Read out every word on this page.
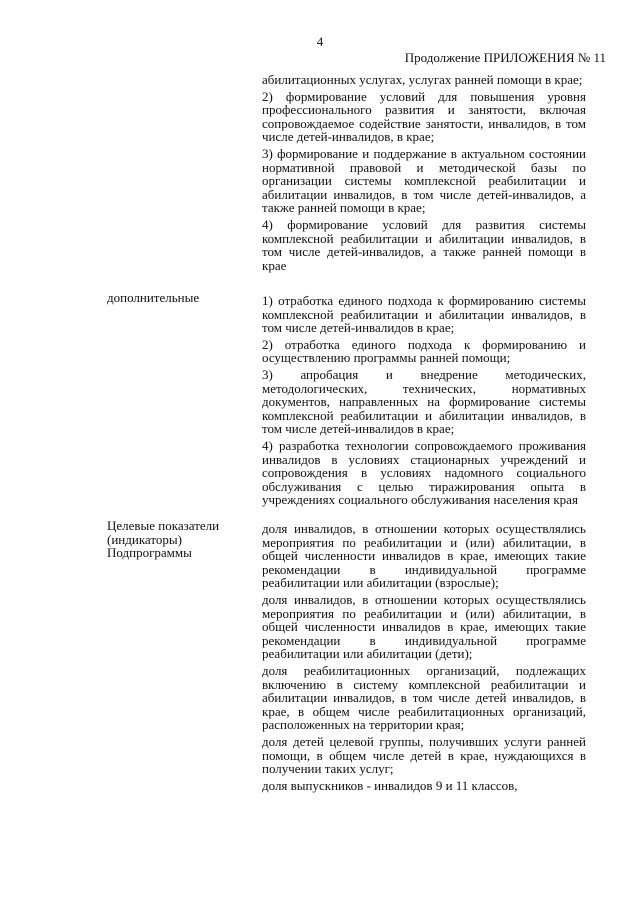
4
Продолжение ПРИЛОЖЕНИЯ № 11

абилитационных услугах, услугах ранней помощи в крае;

2) формирование условий для повышения уровня профессионального развития и занятости, включая сопровождаемое содействие занятости, инвалидов, в том числе детей-инвалидов, в крае;

3) формирование и поддержание в актуальном состоянии нормативной правовой и методической базы по организации системы комплексной реабилитации и абилитации инвалидов, в том числе детей-инвалидов, а также ранней помощи в крае;

4) формирование условий для развития системы комплексной реабилитации и абилитации инвалидов, в том числе детей-инвалидов, а также ранней помощи в крае

дополнительные	1) отработка единого подхода к формированию системы комплексной реабилитации и абилитации инвалидов, в том числе детей-инвалидов в крае;

2) отработка единого подхода к формированию и осуществлению программы ранней помощи;

3) апробация и внедрение методических, методологических, технических, нормативных документов, направленных на формирование системы комплексной реабилитации и абилитации инвалидов, в том числе детей-инвалидов в крае;

4) разработка технологии сопровождаемого проживания инвалидов в условиях стационарных учреждений и сопровождения в условиях надомного социального обслуживания с целью тиражирования опыта в учреждениях социального обслуживания населения края

Целевые показатели (индикаторы) Подпрограммы

доля инвалидов, в отношении которых осуществлялись мероприятия по реабилитации и (или) абилитации, в общей численности инвалидов в крае, имеющих такие рекомендации в индивидуальной программе реабилитации или абилитации (взрослые);

доля инвалидов, в отношении которых осуществлялись мероприятия по реабилитации и (или) абилитации, в общей численности инвалидов в крае, имеющих такие рекомендации в индивидуальной программе реабилитации или абилитации (дети);

доля реабилитационных организаций, подлежащих включению в систему комплексной реабилитации и абилитации инвалидов, в том числе детей инвалидов, в крае, в общем числе реабилитационных организаций, расположенных на территории края;

доля детей целевой группы, получивших услуги ранней помощи, в общем числе детей в крае, нуждающихся в получении таких услуг;

доля выпускников - инвалидов 9 и 11 классов,
